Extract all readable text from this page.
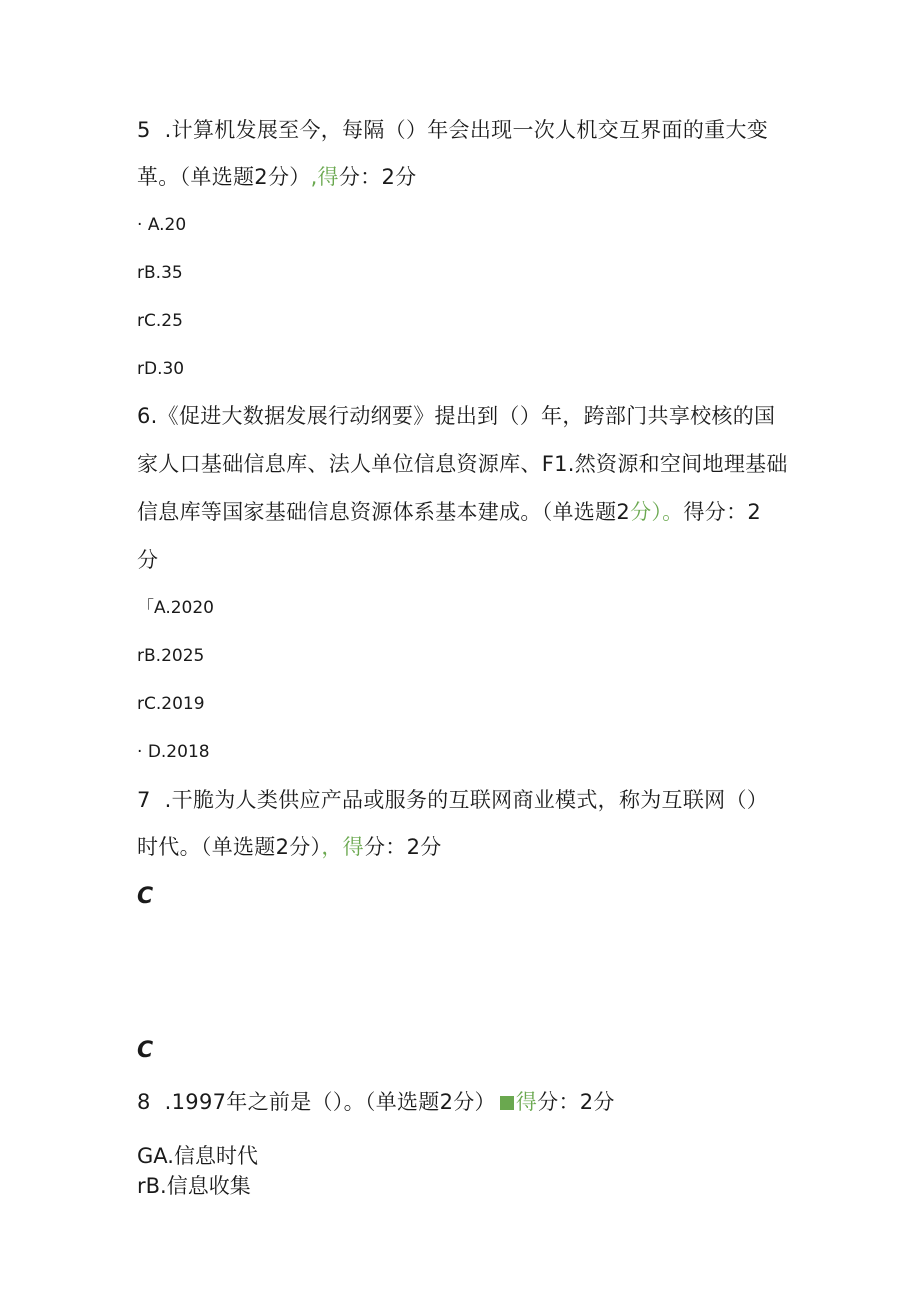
5 .计算机发展至今，每隔（）年会出现一次人机交互界面的重大变
革。（单选题2分）,得分：2分
· A.20
rB.35
rC.25
rD.30
6.《促进大数据发展行动纲要》提出到（）年，跨部门共享校核的国
家人口基础信息库、法人单位信息资源库、F1.然资源和空间地理基础
信息库等国家基础信息资源体系基本建成。（单选题2分）。得分：2
分
「A.2020
rB.2025
rC.2019
· D.2018
7 .干脆为人类供应产品或服务的互联网商业模式，称为互联网（）
时代。（单选题2分），得分：2分
C
C
8 .1997年之前是（）。（单选题2分） 得分：2分
GA.信息时代
rB.信息收集
